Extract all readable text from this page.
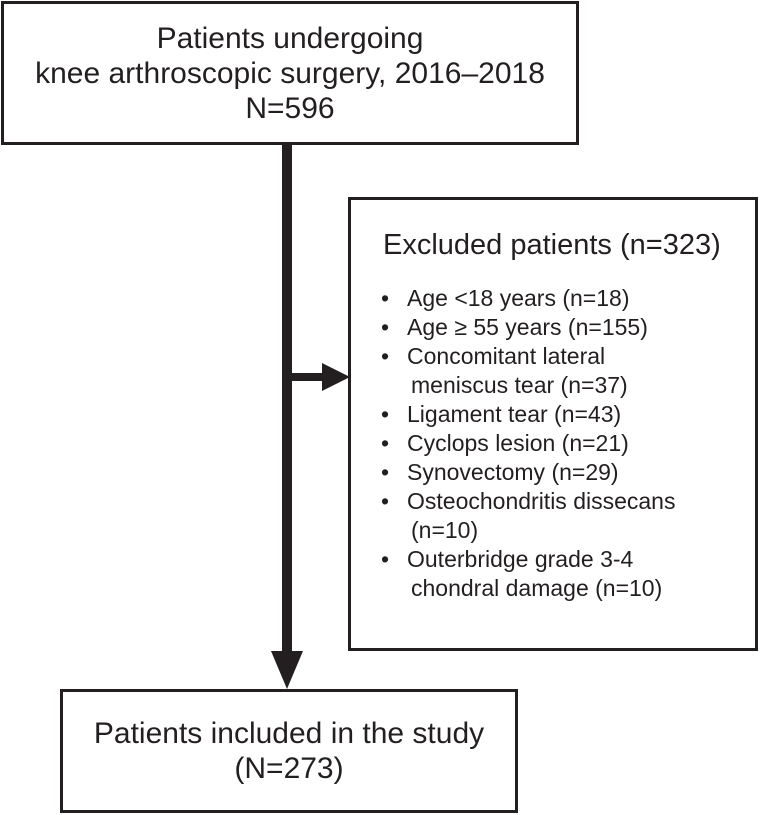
Patients undergoing
knee arthroscopic surgery, 2016–2018
N=596
Excluded patients (n=323)
• Age <18 years (n=18)
• Age ≥ 55 years (n=155)
• Concomitant lateral
meniscus tear (n=37)
• Ligament tear (n=43)
• Cyclops lesion (n=21)
• Synovectomy (n=29)
• Osteochondritis dissecans
(n=10)
• Outerbridge grade 3-4
chondral damage (n=10)
Patients included in the study
(N=273)
